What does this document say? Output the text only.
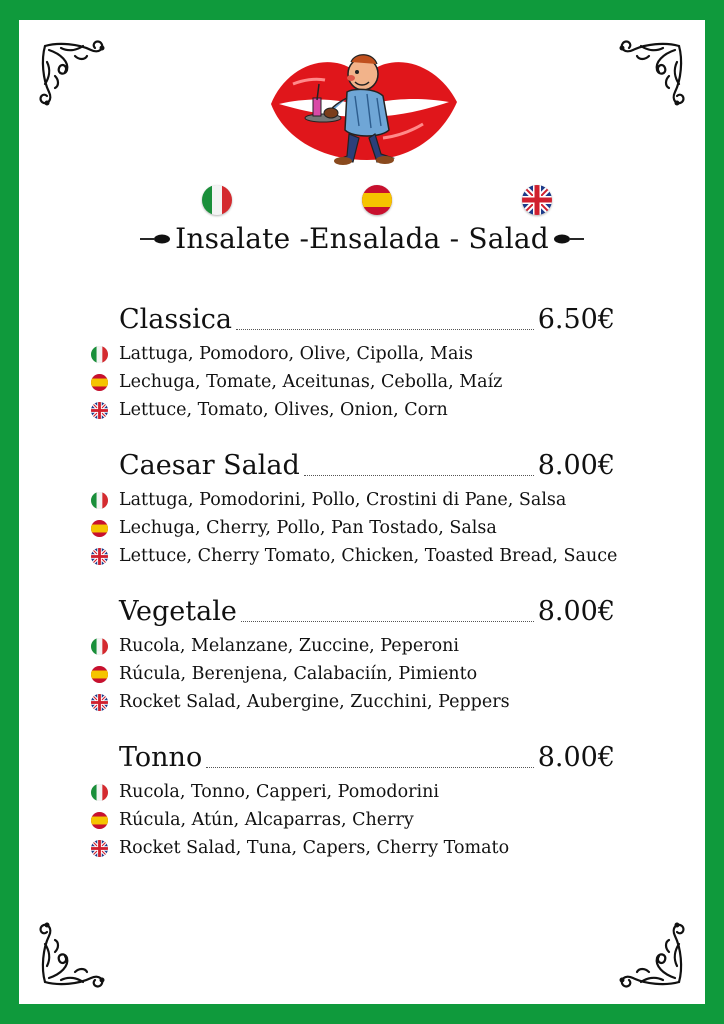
Insalate -Ensalada - Salad
Classica	6.50€
Lattuga, Pomodoro, Olive, Cipolla, Mais
Lechuga, Tomate, Aceitunas, Cebolla, Maíz
Lettuce, Tomato, Olives, Onion, Corn
Caesar Salad	8.00€
Lattuga, Pomodorini, Pollo, Crostini di Pane, Salsa
Lechuga, Cherry, Pollo, Pan Tostado, Salsa
Lettuce, Cherry Tomato, Chicken, Toasted Bread, Sauce
Vegetale	8.00€
Rucola, Melanzane, Zuccine, Peperoni
Rúcula, Berenjena, Calabaciín, Pimiento
Rocket Salad, Aubergine, Zucchini, Peppers
Tonno	8.00€
Rucola, Tonno, Capperi, Pomodorini
Rúcula, Atún, Alcaparras, Cherry
Rocket Salad, Tuna, Capers, Cherry Tomato
